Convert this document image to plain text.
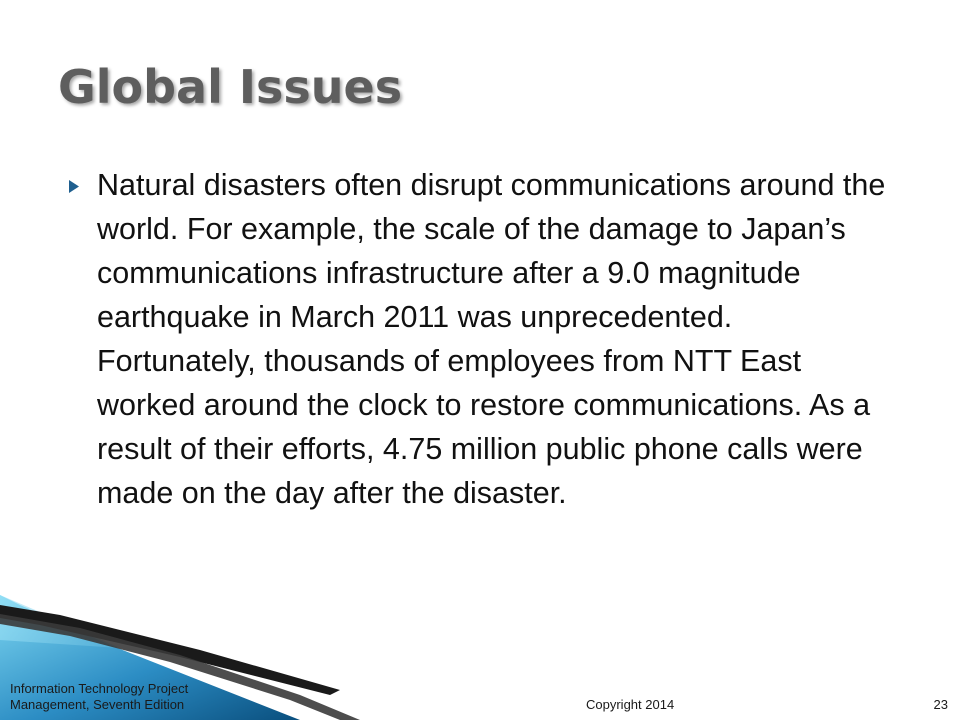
Global Issues
Natural disasters often disrupt communications around the world. For example, the scale of the damage to Japan’s communications infrastructure after a 9.0 magnitude earthquake in March 2011 was unprecedented. Fortunately, thousands of employees from NTT East worked around the clock to restore communications. As a result of their efforts, 4.75 million public phone calls were made on the day after the disaster.
Information Technology Project Management, Seventh Edition	Copyright 2014	23
